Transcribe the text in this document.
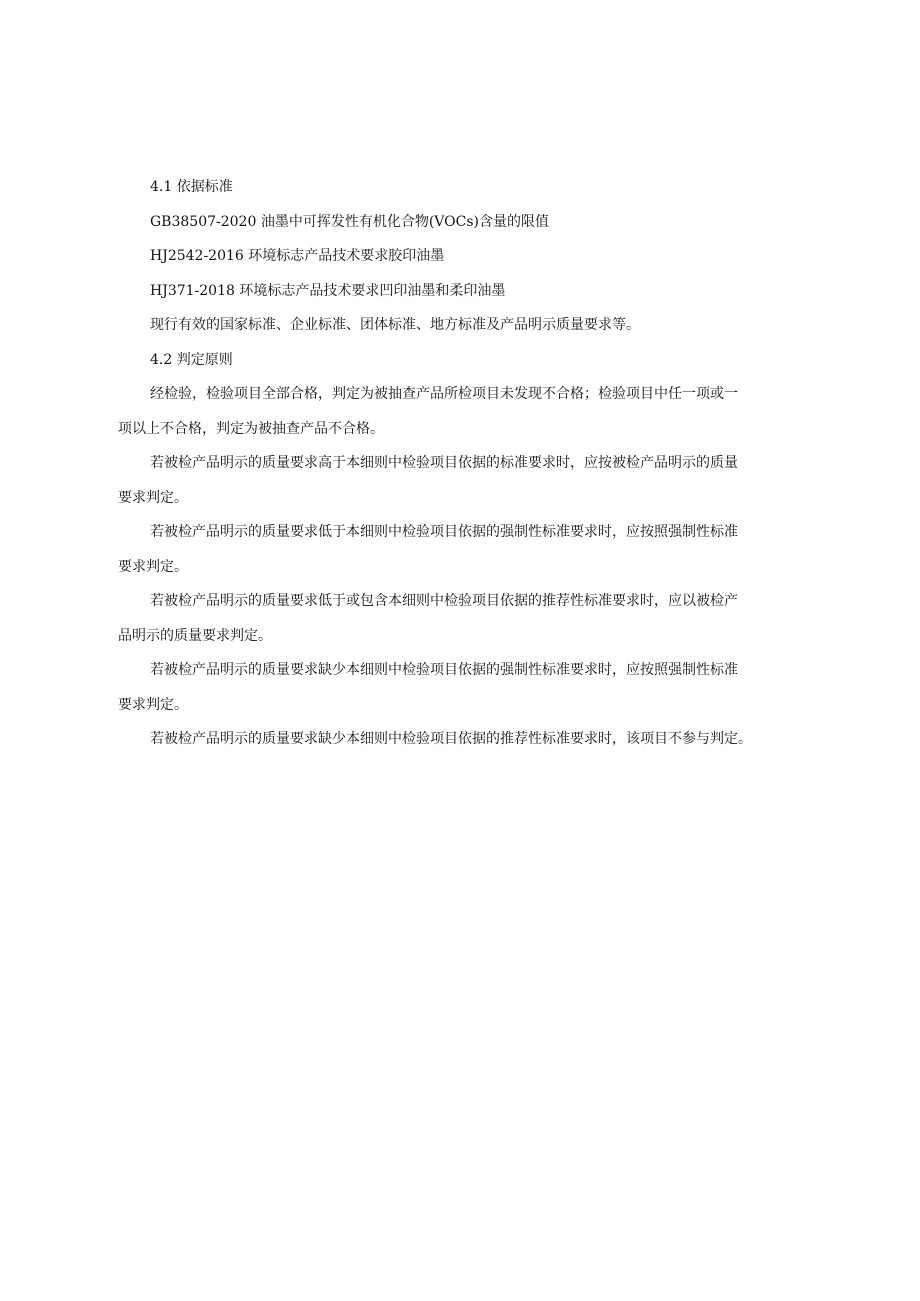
4.1 依据标准

GB38507-2020 油墨中可挥发性有机化合物(VOCs)含量的限值

HJ2542-2016 环境标志产品技术要求胶印油墨

HJ371-2018 环境标志产品技术要求凹印油墨和柔印油墨

现行有效的国家标准、企业标准、团体标准、地方标准及产品明示质量要求等。

4.2 判定原则

经检验，检验项目全部合格，判定为被抽查产品所检项目未发现不合格；检验项目中任一项或一

项以上不合格，判定为被抽查产品不合格。

若被检产品明示的质量要求高于本细则中检验项目依据的标准要求时，应按被检产品明示的质量

要求判定。

若被检产品明示的质量要求低于本细则中检验项目依据的强制性标准要求时，应按照强制性标准

要求判定。

若被检产品明示的质量要求低于或包含本细则中检验项目依据的推荐性标准要求时，应以被检产

品明示的质量要求判定。

若被检产品明示的质量要求缺少本细则中检验项目依据的强制性标准要求时，应按照强制性标准

要求判定。

若被检产品明示的质量要求缺少本细则中检验项目依据的推荐性标准要求时，该项目不参与判定。
